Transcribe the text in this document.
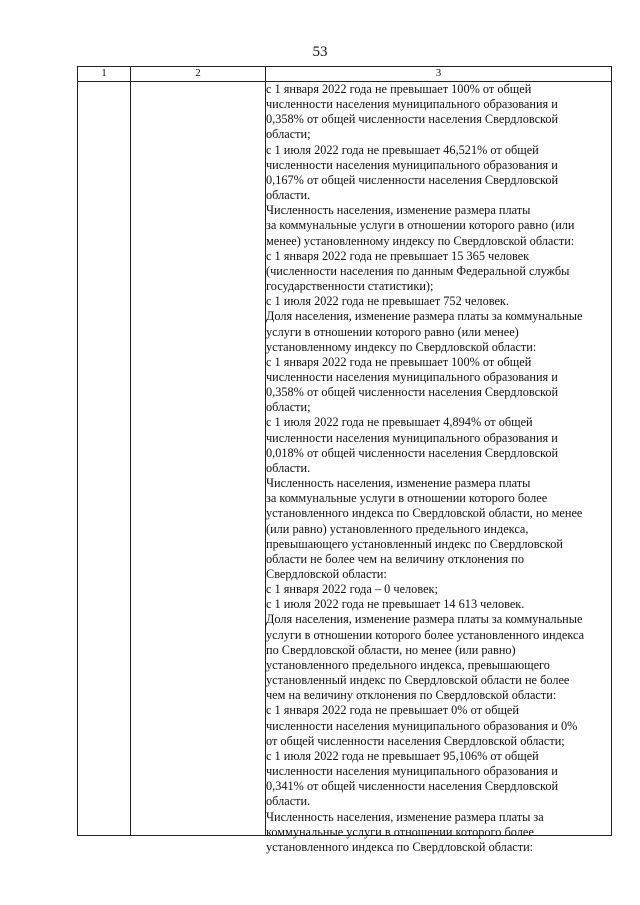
53
1	2	3

с 1 января 2022 года не превышает 100% от общей

численности населения муниципального образования и

0,358% от общей численности населения Свердловской

области;

с 1 июля 2022 года не превышает 46,521% от общей

численности населения муниципального образования и

0,167% от общей численности населения Свердловской

области.

Численность населения, изменение размера платы

за коммунальные услуги в отношении которого равно (или

менее) установленному индексу по Свердловской области:

с 1 января 2022 года не превышает 15 365 человек

(численности населения по данным Федеральной службы

государственности статистики);

с 1 июля 2022 года не превышает 752 человек.

Доля населения, изменение размера платы за коммунальные

услуги в отношении которого равно (или менее)

установленному индексу по Свердловской области:

с 1 января 2022 года не превышает 100% от общей

численности населения муниципального образования и

0,358% от общей численности населения Свердловской

области;

с 1 июля 2022 года не превышает 4,894% от общей

численности населения муниципального образования и

0,018% от общей численности населения Свердловской

области.

Численность населения, изменение размера платы

за коммунальные услуги в отношении которого более

установленного индекса по Свердловской области, но менее

(или равно) установленного предельного индекса,

превышающего установленный индекс по Свердловской

области не более чем на величину отклонения по

Свердловской области:

с 1 января 2022 года – 0 человек;

с 1 июля 2022 года не превышает 14 613 человек.

Доля населения, изменение размера платы за коммунальные

услуги в отношении которого более установленного индекса

по Свердловской области, но менее (или равно)

установленного предельного индекса, превышающего

установленный индекс по Свердловской области не более

чем на величину отклонения по Свердловской области:

с 1 января 2022 года не превышает 0% от общей

численности населения муниципального образования и 0%

от общей численности населения Свердловской области;

с 1 июля 2022 года не превышает 95,106% от общей

численности населения муниципального образования и

0,341% от общей численности населения Свердловской

области.

Численность населения, изменение размера платы за

коммунальные услуги в отношении которого более

установленного индекса по Свердловской области:
